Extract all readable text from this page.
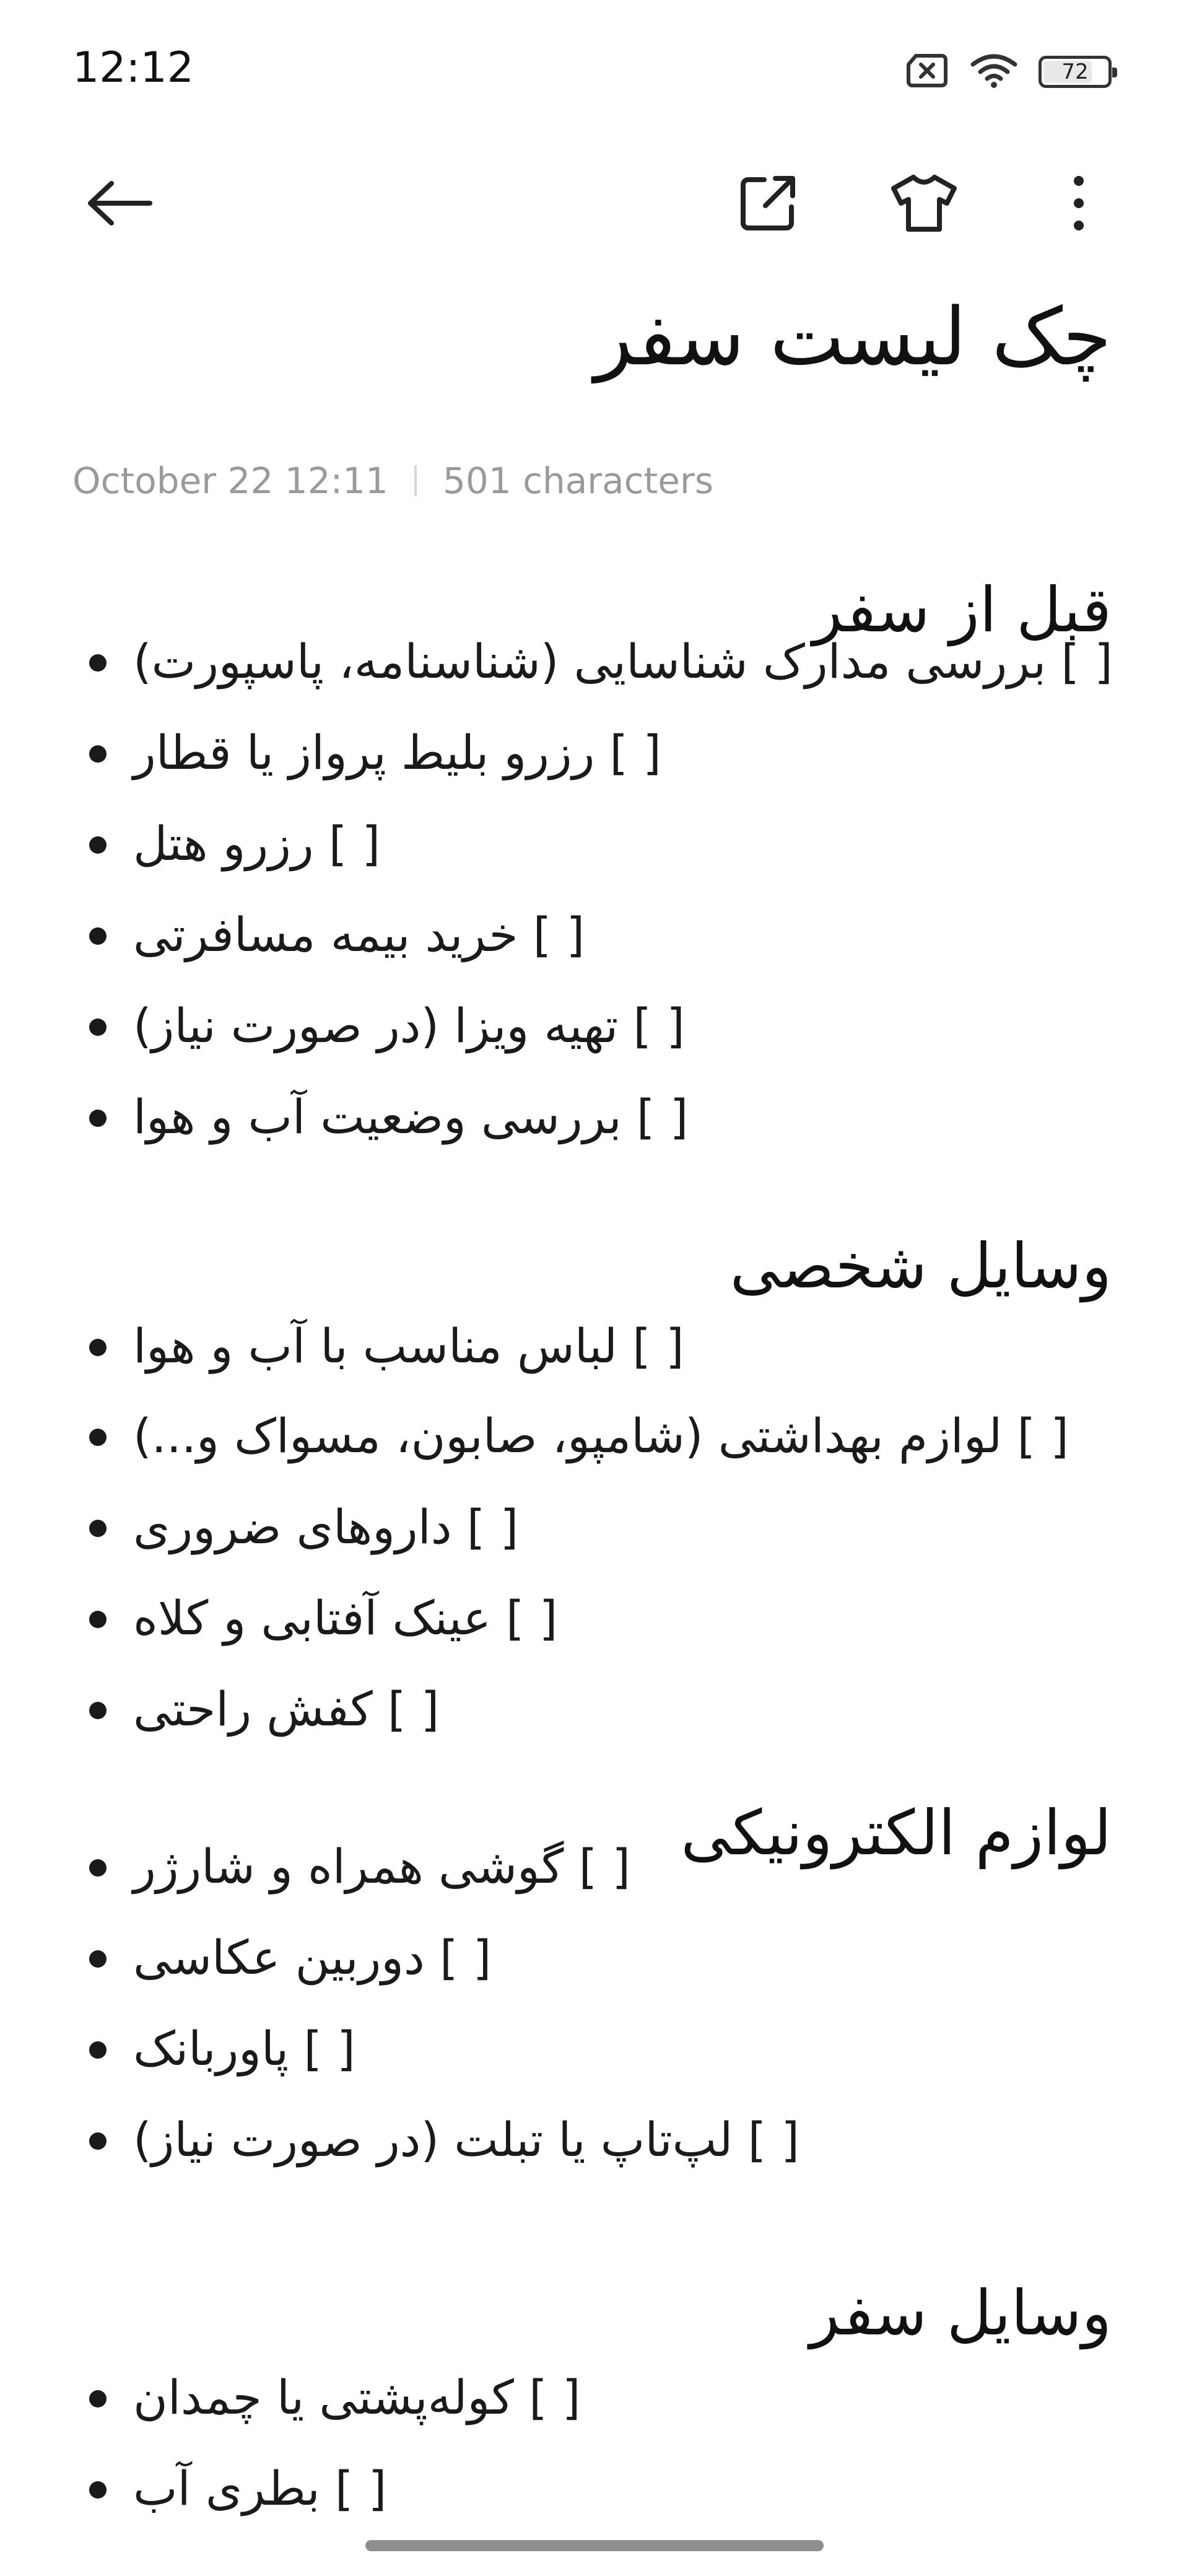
12:12	72
چک لیست سفر
October 22 12:11 501 characters
قبل از سفر
[ ] بررسی مدارک شناسایی (شناسنامه، پاسپورت)
[ ] رزرو بلیط پرواز یا قطار
[ ] رزرو هتل
[ ] خرید بیمه مسافرتی
[ ] تهیه ویزا (در صورت نیاز)
[ ] بررسی وضعیت آب و هوا
وسایل شخصی
[ ] لباس مناسب با آب و هوا
[ ] لوازم بهداشتی (شامپو، صابون، مسواک و...)
[ ] داروهای ضروری
[ ] عینک آفتابی و کلاه
[ ] کفش راحتی
لوازم الکترونیکی
[ ] گوشی همراه و شارژر
[ ] دوربین عکاسی
[ ] پاوربانک
[ ] لپ‌تاپ یا تبلت (در صورت نیاز)
وسایل سفر
[ ] کوله‌پشتی یا چمدان
[ ] بطری آب
